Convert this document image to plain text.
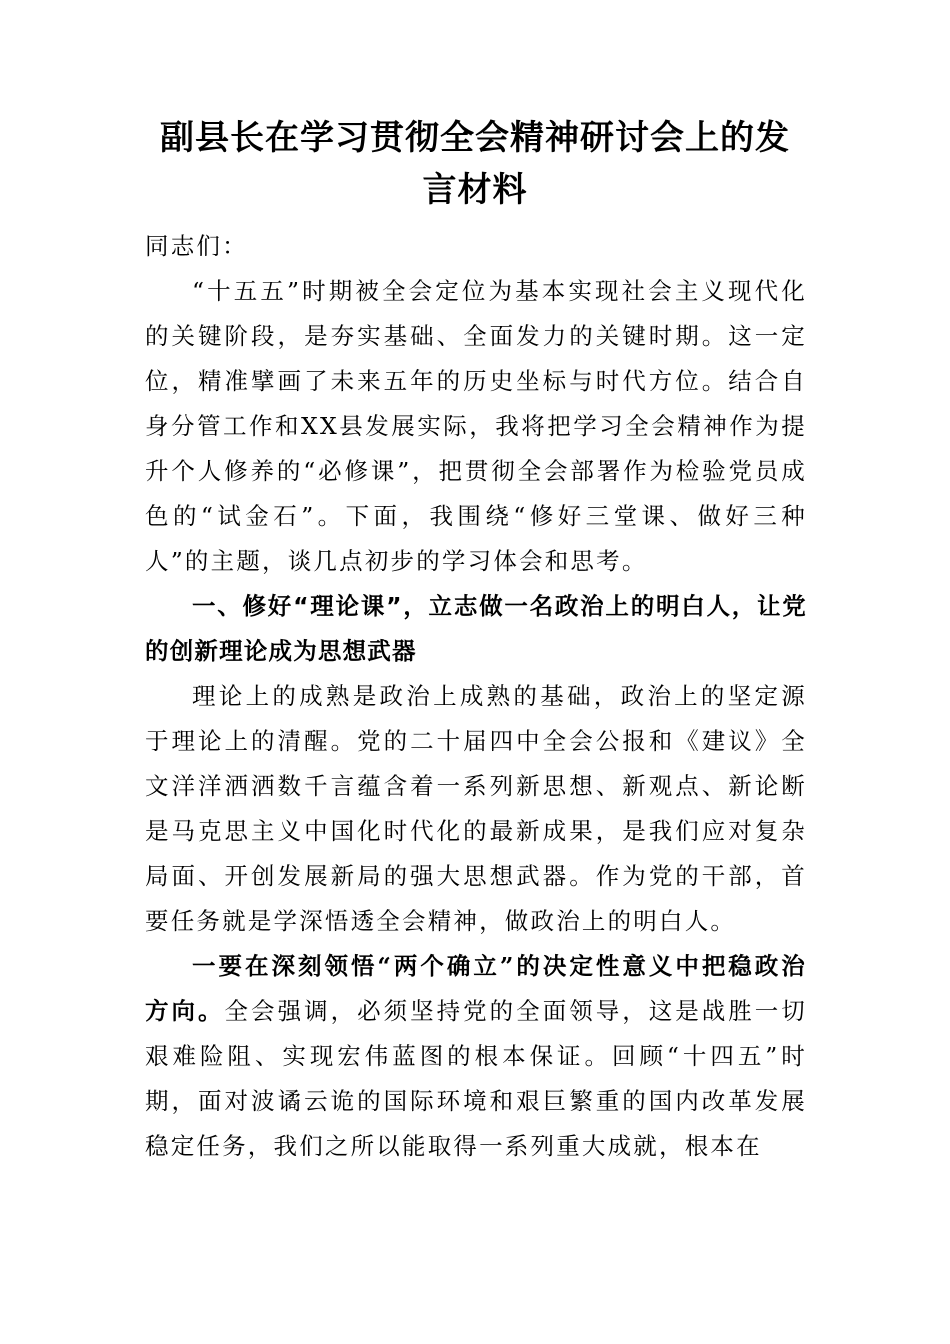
副县长在学习贯彻全会精神研讨会上的发言材料

同志们：

“十五五”时期被全会定位为基本实现社会主义现代化的关键阶段，是夯实基础、全面发力的关键时期。这一定位，精准擘画了未来五年的历史坐标与时代方位。结合自身分管工作和XX县发展实际，我将把学习全会精神作为提升个人修养的“必修课”，把贯彻全会部署作为检验党员成色的“试金石”。下面，我围绕“修好三堂课、做好三种人”的主题，谈几点初步的学习体会和思考。

一、修好“理论课”，立志做一名政治上的明白人，让党的创新理论成为思想武器

理论上的成熟是政治上成熟的基础，政治上的坚定源于理论上的清醒。党的二十届四中全会公报和《建议》全文洋洋洒洒数千言蕴含着一系列新思想、新观点、新论断是马克思主义中国化时代化的最新成果，是我们应对复杂局面、开创发展新局的强大思想武器。作为党的干部，首要任务就是学深悟透全会精神，做政治上的明白人。

一要在深刻领悟“两个确立”的决定性意义中把稳政治方向。全会强调，必须坚持党的全面领导，这是战胜一切艰难险阻、实现宏伟蓝图的根本保证。回顾“十四五”时期，面对波谲云诡的国际环境和艰巨繁重的国内改革发展稳定任务，我们之所以能取得一系列重大成就，根本在
